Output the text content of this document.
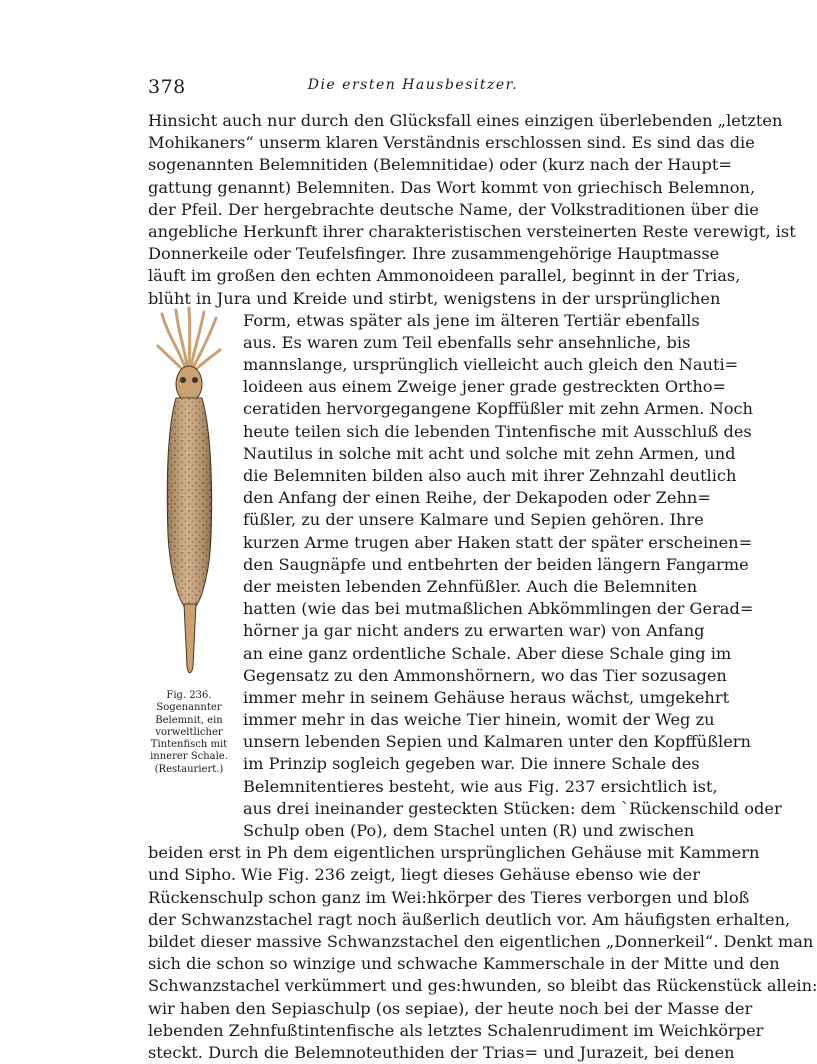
378	Die ersten Hausbesitzer.
Hinsicht auch nur durch den Glücksfall eines einzigen überlebenden „letzten
Mohikaners“ unserm klaren Verständnis erschlossen sind. Es sind das die
sogenannten Belemnitiden (Belemnitidae) oder (kurz nach der Haupt=
gattung genannt) Belemniten. Das Wort kommt von griechisch Belemnon,
der Pfeil. Der hergebrachte deutsche Name, der Volkstraditionen über die
angebliche Herkunft ihrer charakteristischen versteinerten Reste verewigt, ist
Donnerkeile oder Teufelsfinger. Ihre zusammengehörige Hauptmasse
läuft im großen den echten Ammonoideen parallel, beginnt in der Trias,
blüht in Jura und Kreide und stirbt, wenigstens in der ursprünglichen
Form, etwas später als jene im älteren Tertiär ebenfalls
aus. Es waren zum Teil ebenfalls sehr ansehnliche, bis
mannslange, ursprünglich vielleicht auch gleich den Nauti=
loideen aus einem Zweige jener grade gestreckten Ortho=
ceratiden hervorgegangene Kopffüßler mit zehn Armen. Noch
heute teilen sich die lebenden Tintenfische mit Ausschluß des
Nautilus in solche mit acht und solche mit zehn Armen, und
die Belemniten bilden also auch mit ihrer Zehnzahl deutlich
den Anfang der einen Reihe, der Dekapoden oder Zehn=
füßler, zu der unsere Kalmare und Sepien gehören. Ihre
kurzen Arme trugen aber Haken statt der später erscheinen=
den Saugnäpfe und entbehrten der beiden längern Fangarme
der meisten lebenden Zehnfüßler. Auch die Belemniten
hatten (wie das bei mutmaßlichen Abkömmlingen der Gerad=
hörner ja gar nicht anders zu erwarten war) von Anfang
an eine ganz ordentliche Schale. Aber diese Schale ging im
Gegensatz zu den Ammonshörnern, wo das Tier sozusagen
immer mehr in seinem Gehäuse heraus wächst, umgekehrt
immer mehr in das weiche Tier hinein, womit der Weg zu
unsern lebenden Sepien und Kalmaren unter den Kopffüßlern
im Prinzip sogleich gegeben war. Die innere Schale des
Belemnitentieres besteht, wie aus Fig. 237 ersichtlich ist,
aus drei ineinander gesteckten Stücken: dem `Rückenschild oder
Schulp oben (Po), dem Stachel unten (R) und zwischen
beiden erst in Ph dem eigentlichen ursprünglichen Gehäuse mit Kammern
und Sipho. Wie Fig. 236 zeigt, liegt dieses Gehäuse ebenso wie der
Rückenschulp schon ganz im Wei:hkörper des Tieres verborgen und bloß
der Schwanzstachel ragt noch äußerlich deutlich vor. Am häufigsten erhalten,
bildet dieser massive Schwanzstachel den eigentlichen „Donnerkeil“. Denkt man
sich die schon so winzige und schwache Kammerschale in der Mitte und den
Schwanzstachel verkümmert und ges:hwunden, so bleibt das Rückenstück allein:
wir haben den Sepiaschulp (os sepiae), der heute noch bei der Masse der
lebenden Zehnfußtintenfische als letztes Schalenrudiment im Weichkörper
steckt. Durch die Belemnoteuthiden der Trias= und Jurazeit, bei denen
Fig. 236.
Sogenannter Belemnit, ein vorweltlicher Tintenfisch mit innerer Schale. (Restauriert.)
